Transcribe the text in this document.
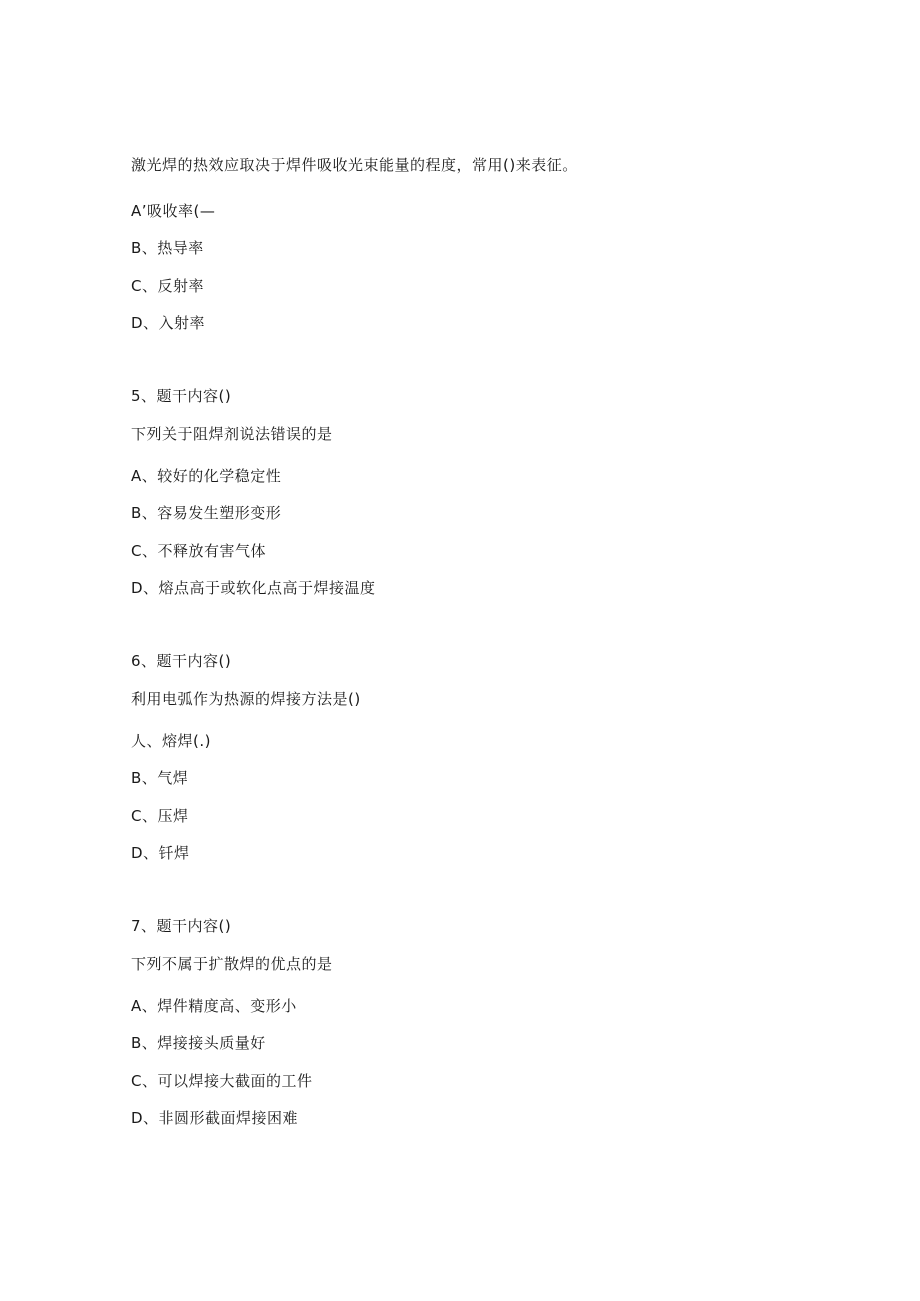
激光焊的热效应取决于焊件吸收光束能量的程度，常用()来表征。
A’吸收率(—
B、热导率
C、反射率
D、入射率
5、题干内容()
下列关于阻焊剂说法错误的是
A、较好的化学稳定性
B、容易发生塑形变形
C、不释放有害气体
D、熔点高于或软化点高于焊接温度
6、题干内容()
利用电弧作为热源的焊接方法是()
人、熔焊(.)
B、气焊
C、压焊
D、钎焊
7、题干内容()
下列不属于扩散焊的优点的是
A、焊件精度高、变形小
B、焊接接头质量好
C、可以焊接大截面的工件
D、非圆形截面焊接困难
